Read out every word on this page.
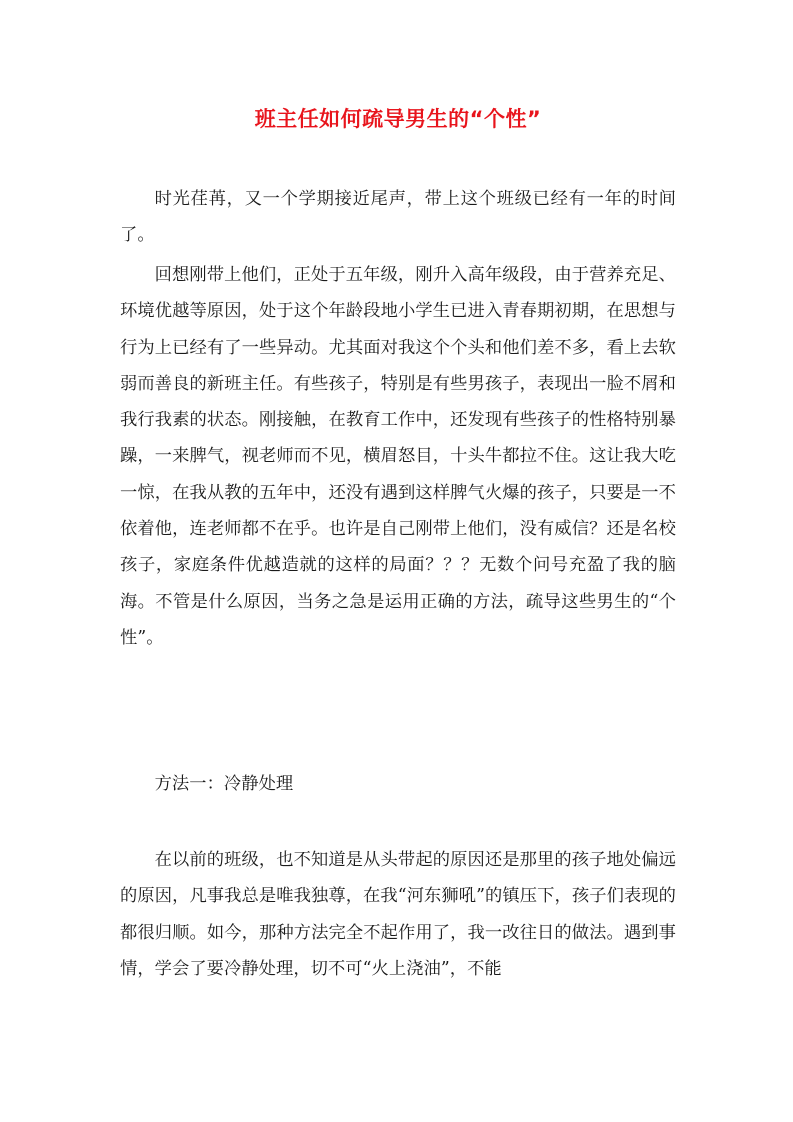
班主任如何疏导男生的“个性”

时光荏苒，又一个学期接近尾声，带上这个班级已经有一年的时间了。

回想刚带上他们，正处于五年级，刚升入高年级段，由于营养充足、环境优越等原因，处于这个年龄段地小学生已进入青春期初期，在思想与行为上已经有了一些异动。尤其面对我这个个头和他们差不多，看上去软弱而善良的新班主任。有些孩子，特别是有些男孩子，表现出一脸不屑和我行我素的状态。刚接触，在教育工作中，还发现有些孩子的性格特别暴躁，一来脾气，视老师而不见，横眉怒目，十头牛都拉不住。这让我大吃一惊，在我从教的五年中，还没有遇到这样脾气火爆的孩子，只要是一不依着他，连老师都不在乎。也许是自己刚带上他们，没有威信？还是名校孩子，家庭条件优越造就的这样的局面？？？无数个问号充盈了我的脑海。不管是什么原因，当务之急是运用正确的方法，疏导这些男生的“个性”。

方法一：冷静处理

在以前的班级，也不知道是从头带起的原因还是那里的孩子地处偏远的原因，凡事我总是唯我独尊，在我“河东狮吼”的镇压下，孩子们表现的都很归顺。如今，那种方法完全不起作用了，我一改往日的做法。遇到事情，学会了要冷静处理，切不可“火上浇油”，不能
